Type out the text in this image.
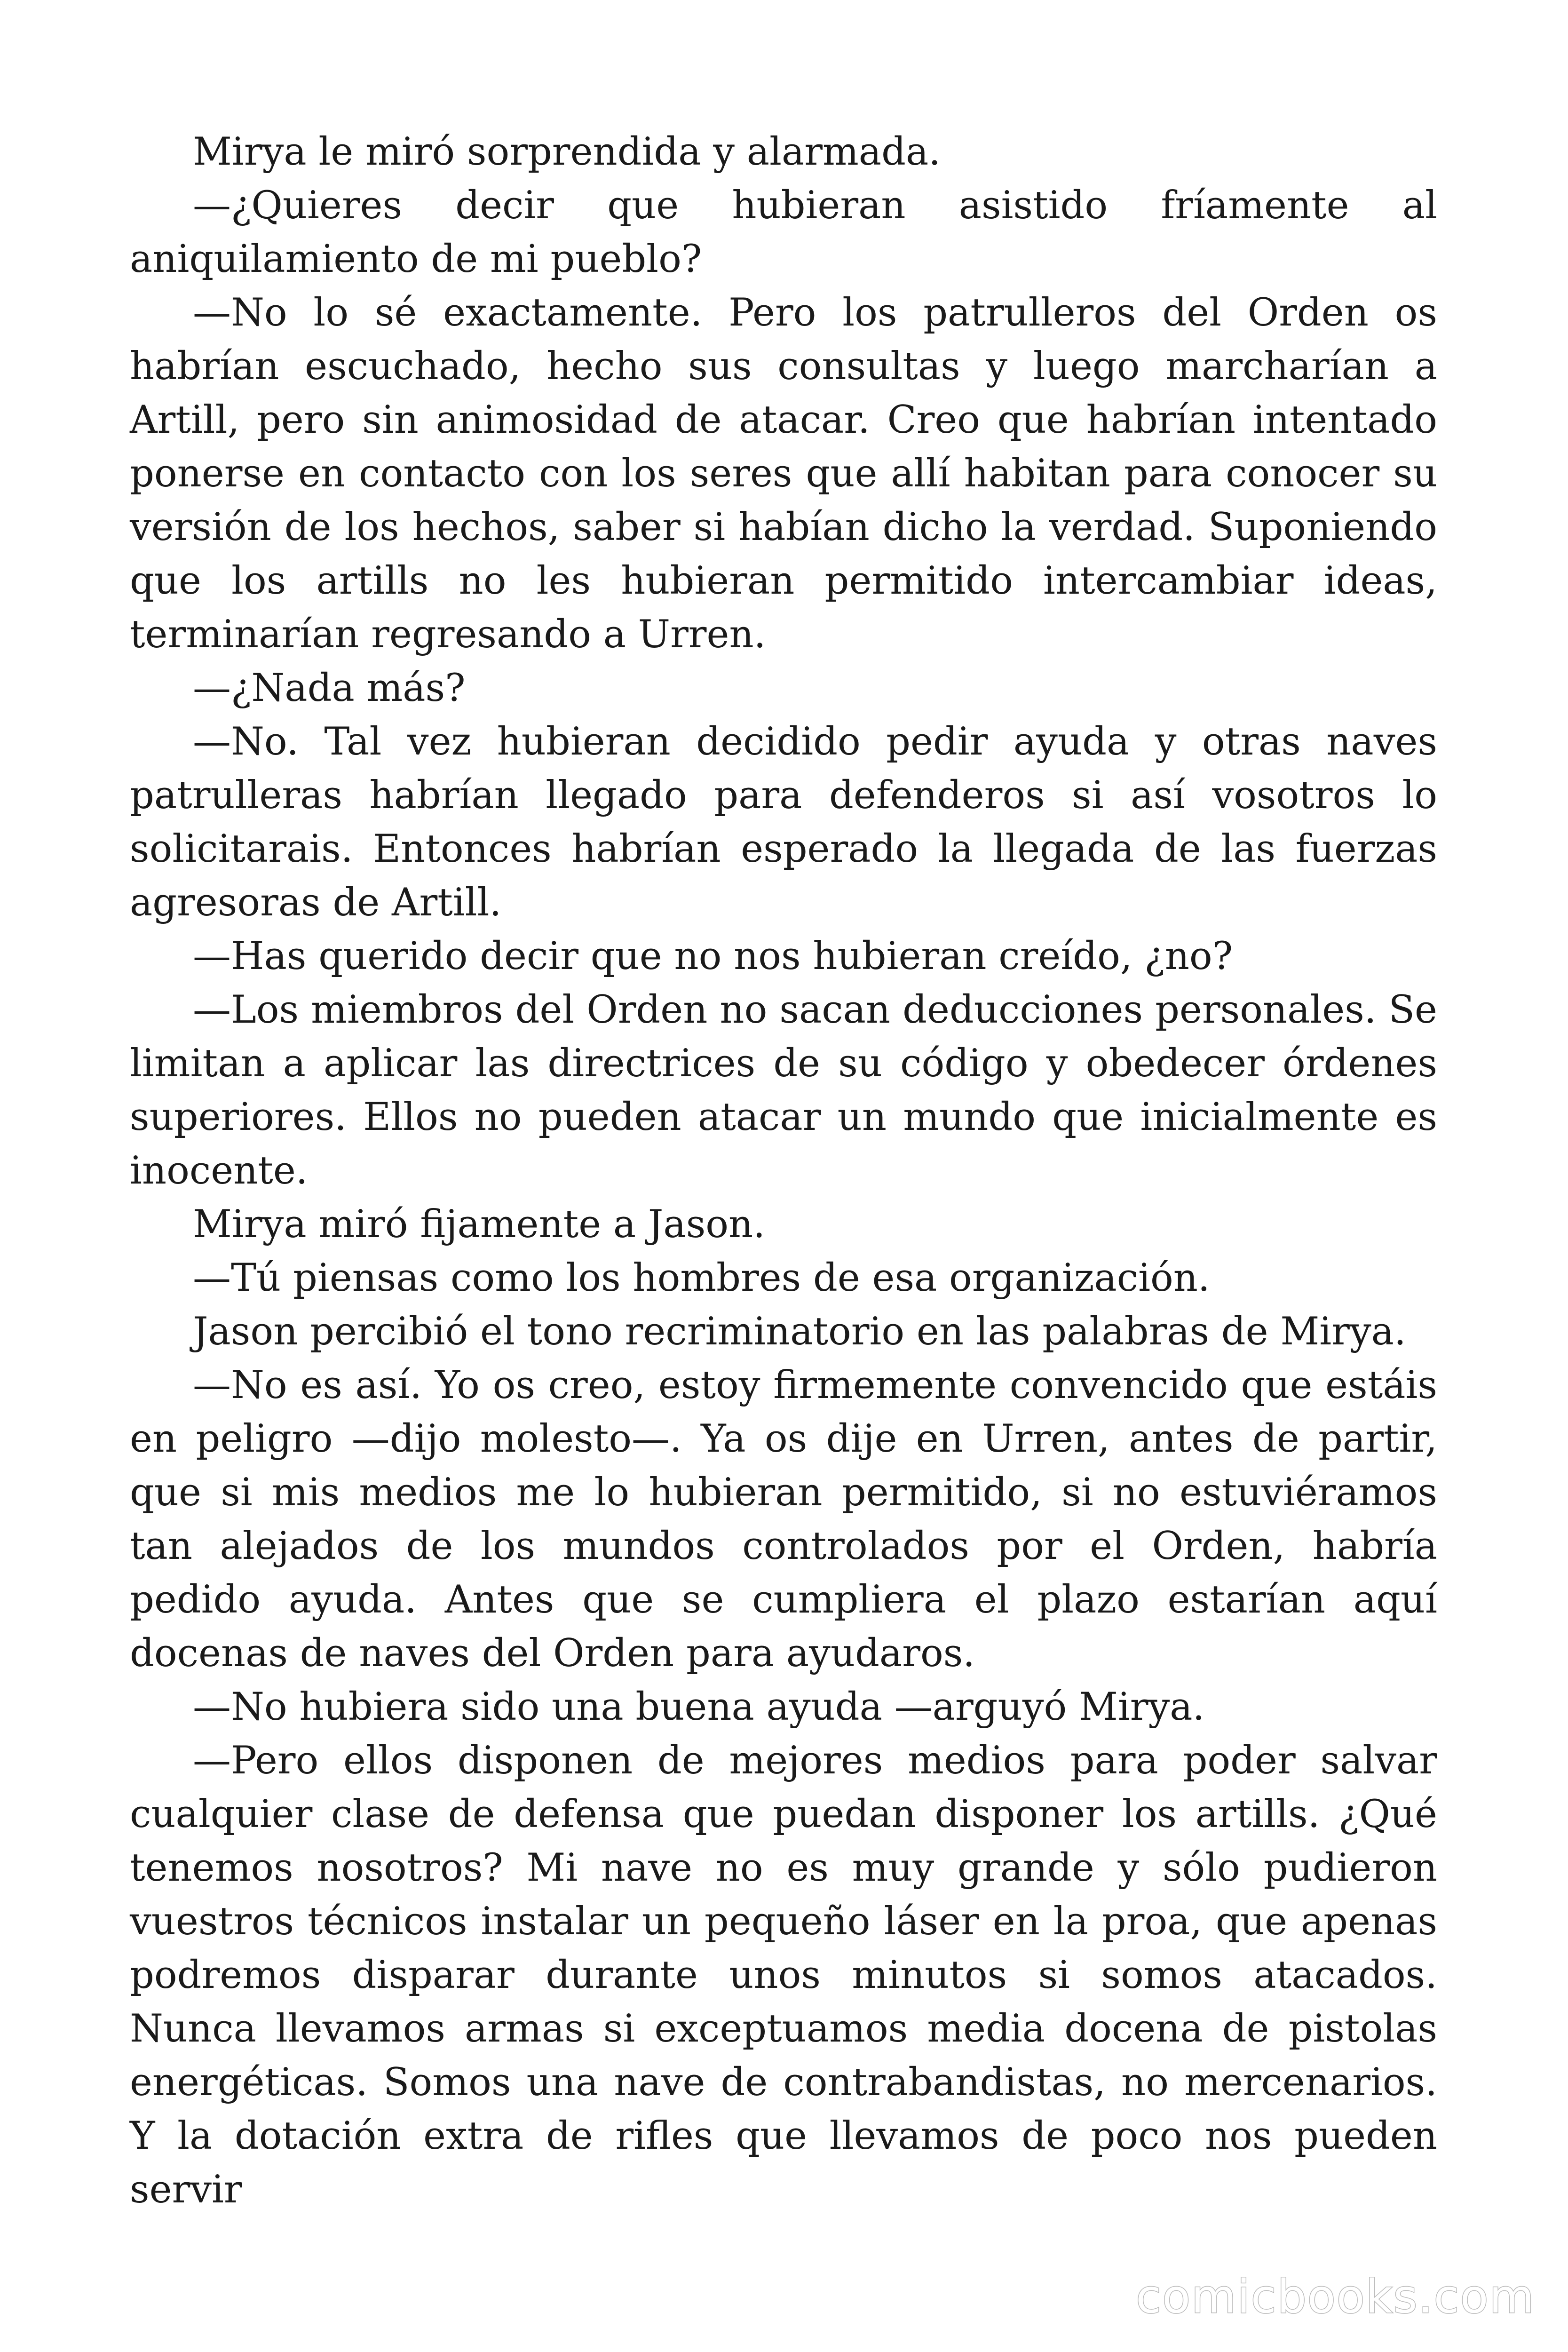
Mirya le miró sorprendida y alarmada.

—¿Quieres decir que hubieran asistido fríamente al aniquilamiento de mi pueblo?

—No lo sé exactamente. Pero los patrulleros del Orden os habrían escuchado, hecho sus consultas y luego marcharían a Artill, pero sin animosidad de atacar. Creo que habrían intentado ponerse en contacto con los seres que allí habitan para conocer su versión de los hechos, saber si habían dicho la verdad. Suponiendo que los artills no les hubieran permitido intercambiar ideas, terminarían regresando a Urren.

—¿Nada más?

—No. Tal vez hubieran decidido pedir ayuda y otras naves patrulleras habrían llegado para defenderos si así vosotros lo solicitarais. Entonces habrían esperado la llegada de las fuerzas agresoras de Artill.

—Has querido decir que no nos hubieran creído, ¿no?

—Los miembros del Orden no sacan deducciones personales. Se limitan a aplicar las directrices de su código y obedecer órdenes superiores. Ellos no pueden atacar un mundo que inicialmente es inocente.

Mirya miró fijamente a Jason.

—Tú piensas como los hombres de esa organización.

Jason percibió el tono recriminatorio en las palabras de Mirya.

—No es así. Yo os creo, estoy firmemente convencido que estáis en peligro —dijo molesto—. Ya os dije en Urren, antes de partir, que si mis medios me lo hubieran permitido, si no estuviéramos tan alejados de los mundos controlados por el Orden, habría pedido ayuda. Antes que se cumpliera el plazo estarían aquí docenas de naves del Orden para ayudaros.

—No hubiera sido una buena ayuda —arguyó Mirya.

—Pero ellos disponen de mejores medios para poder salvar cualquier clase de defensa que puedan disponer los artills. ¿Qué tenemos nosotros? Mi nave no es muy grande y sólo pudieron vuestros técnicos instalar un pequeño láser en la proa, que apenas podremos disparar durante unos minutos si somos atacados. Nunca llevamos armas si exceptuamos media docena de pistolas energéticas. Somos una nave de contrabandistas, no mercenarios. Y la dotación extra de rifles que llevamos de poco nos pueden servir

comicbooks.com
